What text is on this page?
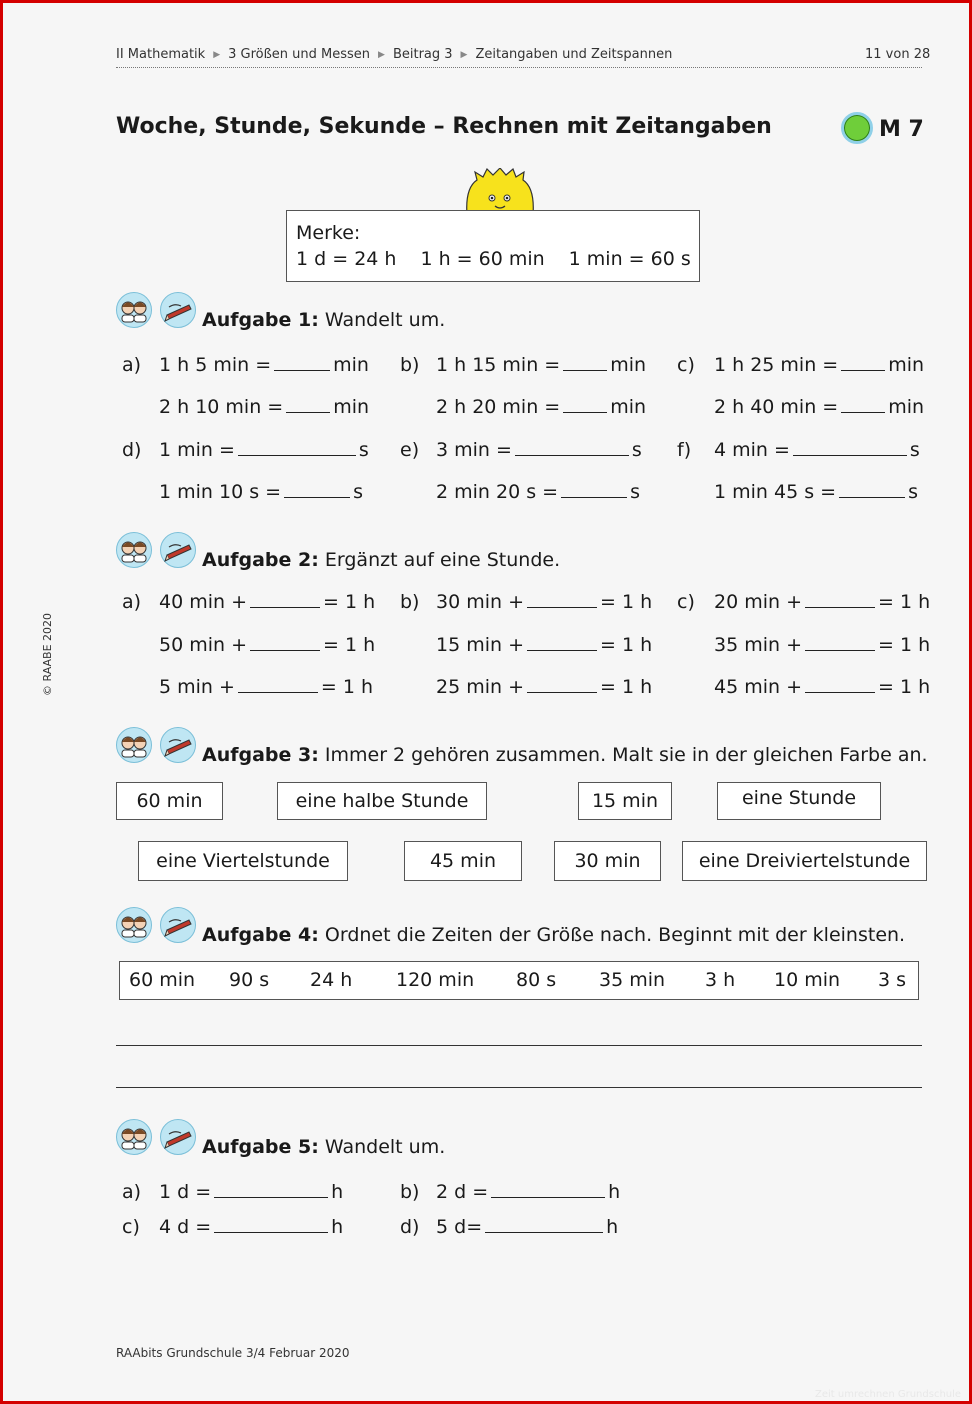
II Mathematik ▶ 3 Größen und Messen ▶ Beitrag 3 ▶ Zeitangaben und Zeitspannen	11 von 28
Woche, Stunde, Sekunde – Rechnen mit Zeitangaben	M 7
Merke:
1 d = 24 h 1 h = 60 min 1 min = 60 s
Aufgabe 1: Wandelt um.
a) 1 h 5 min =	min b) 1 h 15 min =	min c) 1 h 25 min =	min
2 h 10 min =	min	2 h 20 min =	min	2 h 40 min =	min
d) 1 min =	s e) 3 min =	s f) 4 min =	s
1 min 10 s =	s	2 min 20 s =	s	1 min 45 s =	s
Aufgabe 2: Ergänzt auf eine Stunde.
a) 40 min +	= 1 h b) 30 min +	= 1 h c) 20 min +	= 1 h
50 min +	= 1 h	15 min +	= 1 h	35 min +	= 1 h
5 min +	= 1 h	25 min +	= 1 h	45 min +	= 1 h
Aufgabe 3: Immer 2 gehören zusammen. Malt sie in der gleichen Farbe an.
60 min	eine halbe Stunde	15 min	eine Stunde
eine Viertelstunde	45 min	30 min	eine Dreiviertelstunde
Aufgabe 4: Ordnet die Zeiten der Größe nach. Beginnt mit der kleinsten.
60 min 90 s 24 h 120 min 80 s 35 min 3 h 10 min 3 s
Aufgabe 5: Wandelt um.
a) 1 d =	h	b) 2 d =	h
c) 4 d =	h	d) 5 d=	h
© RAABE 2020
RAAbits Grundschule 3/4 Februar 2020
Zeit umrechnen Grundschule
